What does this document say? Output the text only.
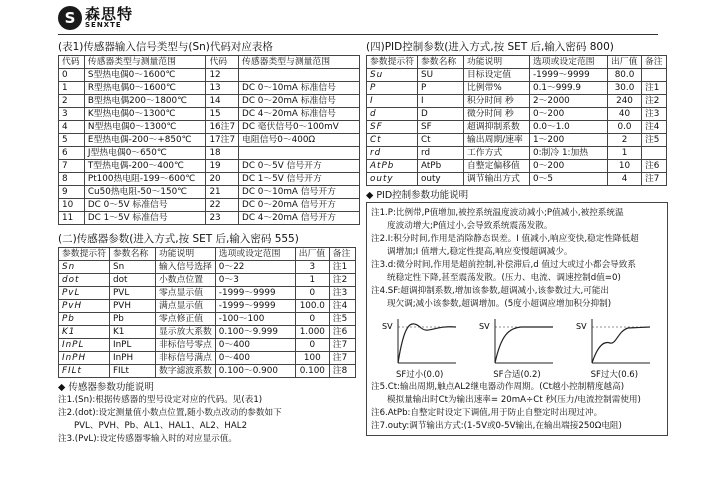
S 森思特
SENXTE
(表1)传感器输入信号类型与(Sn)代码对应表格
代码	传感器类型与测量范围	代码	传感器类型与测量范围
0	S型热电偶0～1600℃	12	
1	R型热电偶0～1600℃	13	DC 0～10mA 标准信号
2	B型热电偶200～1800℃	14	DC 0～20mA 标准信号
3	K型热电偶0～1300℃	15	DC 4～20mA 标准信号
4	N型热电偶0～1300℃	16注7	DC 毫伏信号0～100mV
5	E型热电偶-200～+850℃	17注7	电阻信号0～400Ω
6	J型热电偶0～650℃	18	
7	T型热电偶-200～400℃	19	DC 0～5V 信号开方
8	Pt100热电阻-199～600℃	20	DC 1～5V 信号开方
9	Cu50热电阻-50～150℃	21	DC 0～10mA 信号开方
10	DC 0～5V 标准信号	22	DC 0～20mA 信号开方
11	DC 1～5V 标准信号	23	DC 4～20mA 信号开方
(二)传感器参数(进入方式,按 SET 后,输入密码 555)
参数提示符	参数名称	功能说明	选项或设定范围	出厂值	备注
Sn	Sn	输入信号选择	0～22	3	注1
dot	dot	小数点位置	0～3	1	注2
PvL	PVL	零点显示值	-1999～9999	0	注3
PvH	PVH	满点显示值	-1999～9999	100.0	注4
Pb	Pb	零点修正值	-100～100	0	注5
K1	K1	显示放大系数	0.100～9.999	1.000	注6
InPL	InPL	非标信号零点	0～400	0	注7
InPH	InPH	非标信号满点	0～400	100	注7
FILt	FILt	数字滤波系数	0.100～0.900	0.100	注8
◆ 传感器参数功能说明
注1.(Sn):根据传感器的型号设定对应的代码。见(表1)
注2.(dot):设定测量值小数点位置,随小数点改动的参数如下
PVL、PVH、Pb、AL1、HAL1、AL2、HAL2
注3.(PvL):设定传感器零输入时的对应显示值。
(四)PID控制参数(进入方式,按 SET 后,输入密码 800)
参数提示符	参数名称	功能说明	选项或设定范围	出厂值	备注
Su	SU	目标设定值	-1999～9999	80.0	
P	P	比例带%	0.1～999.9	30.0	注1
I	I	积分时间 秒	2～2000	240	注2
d	D	微分时间 秒	0～200	40	注3
SF	SF	超调抑制系数	0.0～1.0	0.0	注4
Ct	Ct	输出周期/速率	1～200	2	注5
rd	rd	工作方式	0:制冷 1:加热	1	
AtPb	AtPb	自整定偏移值	0～200	10	注6
outy	outy	调节输出方式	0～5	4	注7
◆ PID控制参数功能说明
注1.P:比例带,P值增加,被控系统温度波动减小;P值减小,被控系统温
度波动增大;P值过小,会导致系统震荡发散。
注2.I:积分时间,作用是消除静态误差。I 值减小,响应变快,稳定性降低超
调增加;I 值增大,稳定性提高,响应变慢超调减少。
注3.d:微分时间,作用是超前控制,补偿滞后,d 值过大或过小都会导致系
统稳定性下降,甚至震荡发散。(压力、电流、调速控制d值=0)
注4.SF:超调抑制系数,增加该参数,超调减小,该参数过大,可能出
现欠调;减小该参数,超调增加。(5度小超调应增加积分抑制)
SV	SV	SV
SF过小(0.0)	SF合适(0.2)	SF过大(0.6)
注5.Ct:输出周期,触点AL2继电器动作周期。(Ct越小控制精度越高)
模拟量输出时Ct为输出速率= 20mA÷Ct 秒(压力/电流控制需使用)
注6.AtPb:自整定时设定下调值,用于防止自整定时出现过冲。
注7.outy:调节输出方式:(1-5V或0-5V输出,在输出端接250Ω电阻)
